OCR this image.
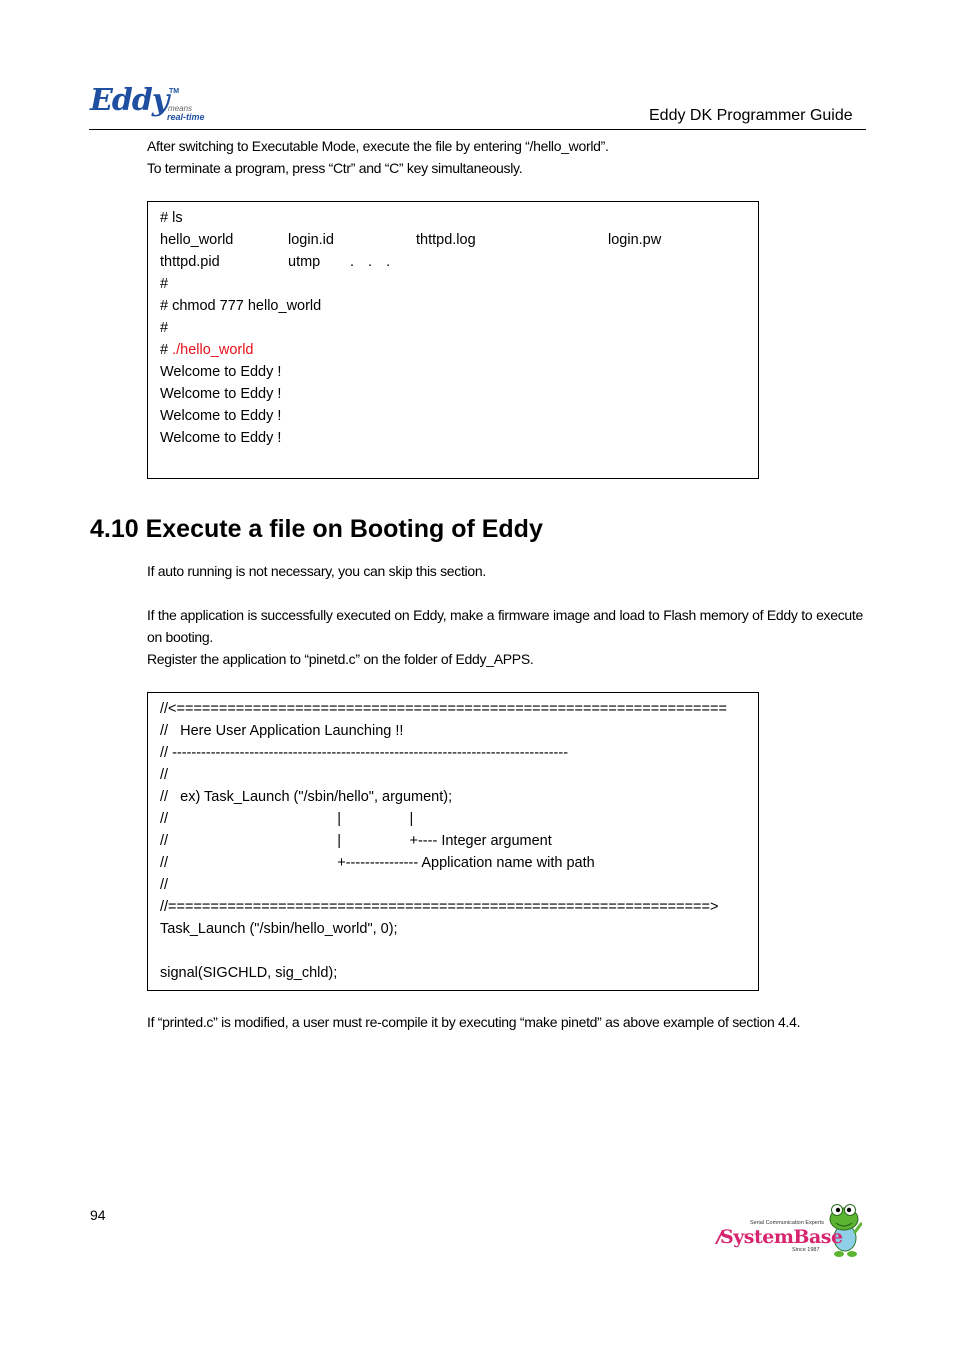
Eddy TM
means
real-time	Eddy DK Programmer Guide
After switching to Executable Mode, execute the file by entering “/hello_world”.
To terminate a program, press “Ctr” and “C” key simultaneously.
# ls
hello_world	login.id	thttpd.log	login.pw
thttpd.pid	utmp . . .
#
# chmod 777 hello_world
#
# ./hello_world
Welcome to Eddy !
Welcome to Eddy !
Welcome to Eddy !
Welcome to Eddy !
4.10 Execute a file on Booting of Eddy
If auto running is not necessary, you can skip this section.
If the application is successfully executed on Eddy, make a firmware image and load to Flash memory of Eddy to execute on booting.
Register the application to “pinetd.c” on the folder of Eddy_APPS.
//<=================================================================
//   Here User Application Launching !!
// ----------------------------------------------------------------------------------
//
//   ex) Task_Launch ("/sbin/hello", argument);
//                                          |                 |
//                                          |                 +---- Integer argument
//                                          +--------------- Application name with path
//
//================================================================>
Task_Launch ("/sbin/hello_world", 0);
signal(SIGCHLD, sig_chld);
If “printed.c” is modified, a user must re-compile it by executing “make pinetd” as above example of section 4.4.
94	Serial Communication Experts
SystemBase
Since 1987
